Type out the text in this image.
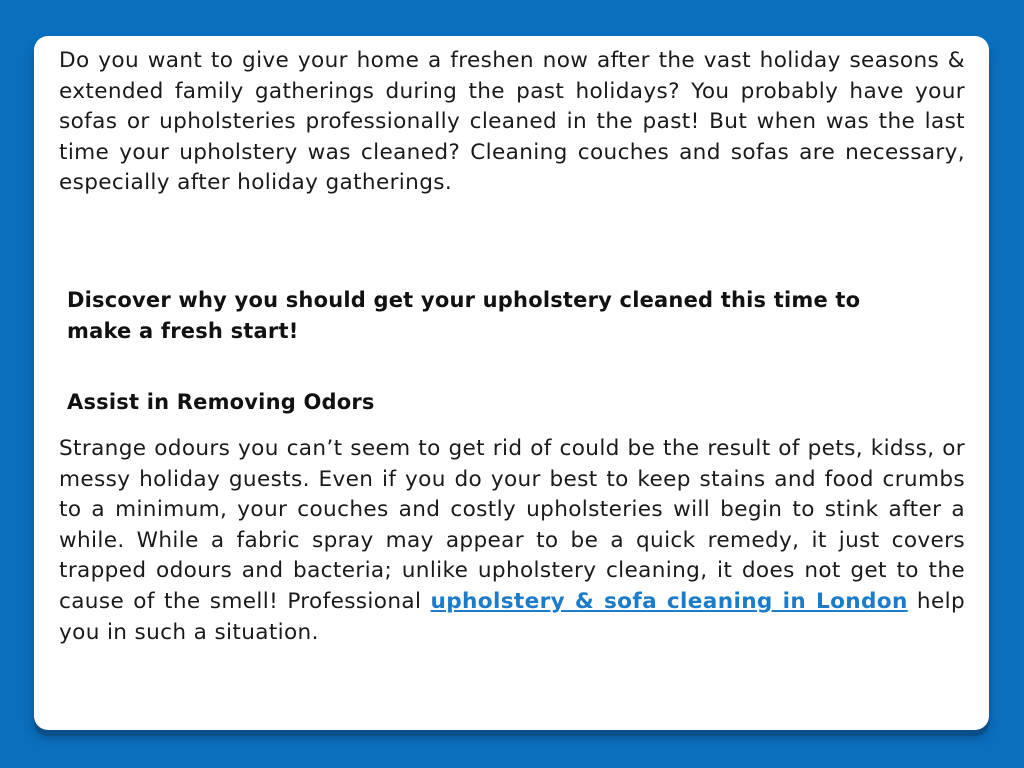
Do you want to give your home a freshen now after the vast holiday seasons & extended family gatherings during the past holidays? You probably have your sofas or upholsteries professionally cleaned in the past! But when was the last time your upholstery was cleaned? Cleaning couches and sofas are necessary, especially after holiday gatherings.

Discover why you should get your upholstery cleaned this time to make a fresh start!

Assist in Removing Odors

Strange odours you can’t seem to get rid of could be the result of pets, kidss, or messy holiday guests. Even if you do your best to keep stains and food crumbs to a minimum, your couches and costly upholsteries will begin to stink after a while. While a fabric spray may appear to be a quick remedy, it just covers trapped odours and bacteria; unlike upholstery cleaning, it does not get to the cause of the smell! Professional upholstery & sofa cleaning in London help you in such a situation.
